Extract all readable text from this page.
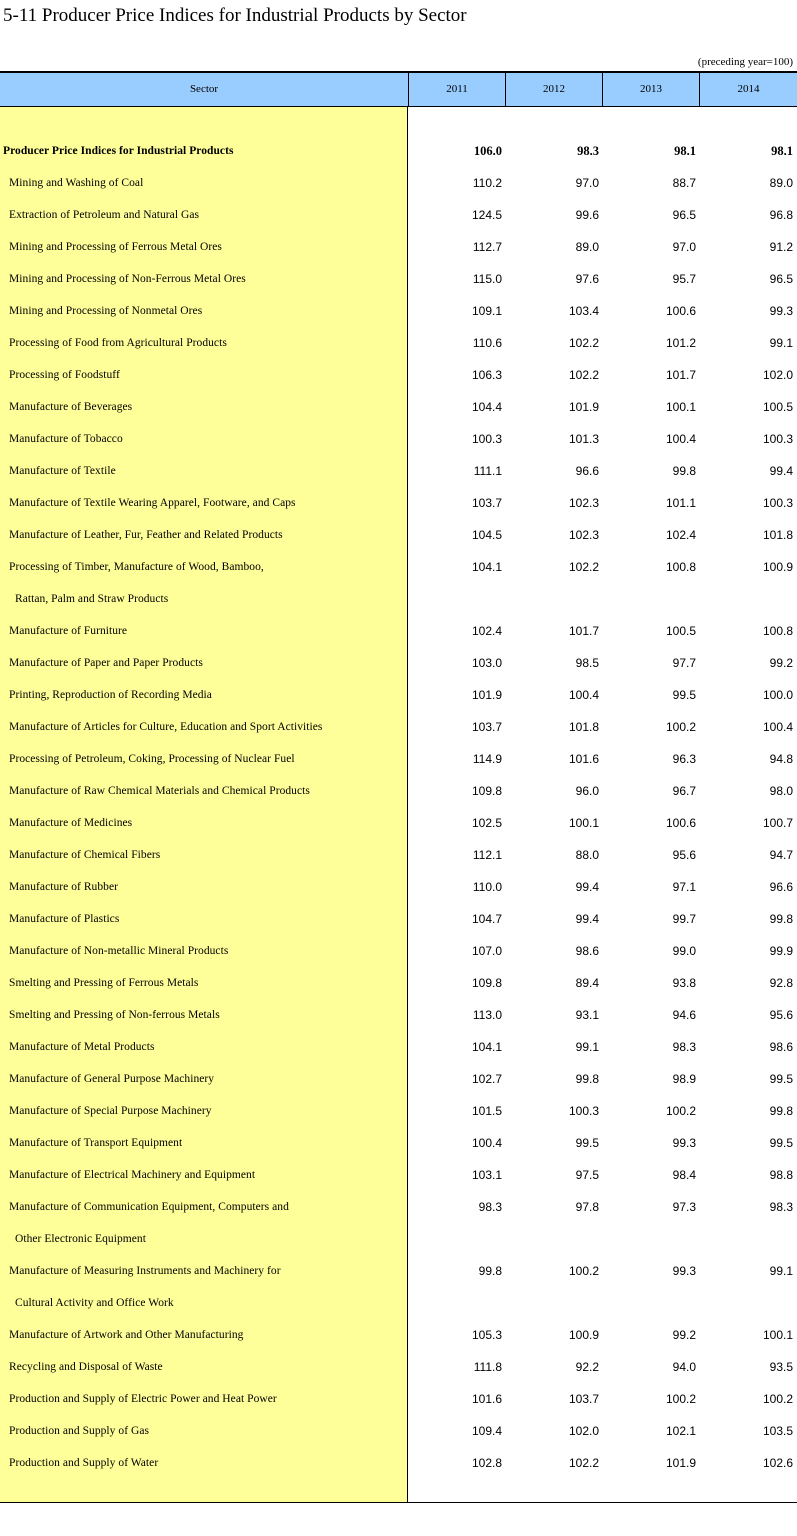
5-11 Producer Price Indices for Industrial Products by Sector
(preceding year=100)
Sector	2011	2012	2013	2014
Producer Price Indices for Industrial Products	106.0	98.3	98.1	98.1
Mining and Washing of Coal	110.2	97.0	88.7	89.0
Extraction of Petroleum and Natural Gas	124.5	99.6	96.5	96.8
Mining and Processing of Ferrous Metal Ores	112.7	89.0	97.0	91.2
Mining and Processing of Non-Ferrous Metal Ores	115.0	97.6	95.7	96.5
Mining and Processing of Nonmetal Ores	109.1	103.4	100.6	99.3
Processing of Food from Agricultural Products	110.6	102.2	101.2	99.1
Processing of Foodstuff	106.3	102.2	101.7	102.0
Manufacture of Beverages	104.4	101.9	100.1	100.5
Manufacture of Tobacco	100.3	101.3	100.4	100.3
Manufacture of Textile	111.1	96.6	99.8	99.4
Manufacture of Textile Wearing Apparel, Footware, and Caps	103.7	102.3	101.1	100.3
Manufacture of Leather, Fur, Feather and Related Products	104.5	102.3	102.4	101.8
Processing of Timber, Manufacture of Wood, Bamboo,

Rattan, Palm and Straw Products
104.1	102.2	100.8	100.9
Manufacture of Furniture	102.4	101.7	100.5	100.8
Manufacture of Paper and Paper Products	103.0	98.5	97.7	99.2
Printing, Reproduction of Recording Media	101.9	100.4	99.5	100.0
Manufacture of Articles for Culture, Education and Sport Activities	103.7	101.8	100.2	100.4
Processing of Petroleum, Coking, Processing of Nuclear Fuel	114.9	101.6	96.3	94.8
Manufacture of Raw Chemical Materials and Chemical Products	109.8	96.0	96.7	98.0
Manufacture of Medicines	102.5	100.1	100.6	100.7
Manufacture of Chemical Fibers	112.1	88.0	95.6	94.7
Manufacture of Rubber	110.0	99.4	97.1	96.6
Manufacture of Plastics	104.7	99.4	99.7	99.8
Manufacture of Non-metallic Mineral Products	107.0	98.6	99.0	99.9
Smelting and Pressing of Ferrous Metals	109.8	89.4	93.8	92.8
Smelting and Pressing of Non-ferrous Metals	113.0	93.1	94.6	95.6
Manufacture of Metal Products	104.1	99.1	98.3	98.6
Manufacture of General Purpose Machinery	102.7	99.8	98.9	99.5
Manufacture of Special Purpose Machinery	101.5	100.3	100.2	99.8
Manufacture of Transport Equipment	100.4	99.5	99.3	99.5
Manufacture of Electrical Machinery and Equipment	103.1	97.5	98.4	98.8
Manufacture of Communication Equipment, Computers and

Other Electronic Equipment
98.3	97.8	97.3	98.3
Manufacture of Measuring Instruments and Machinery for

Cultural Activity and Office Work
99.8	100.2	99.3	99.1
Manufacture of Artwork and Other Manufacturing	105.3	100.9	99.2	100.1
Recycling and Disposal of Waste	111.8	92.2	94.0	93.5
Production and Supply of Electric Power and Heat Power	101.6	103.7	100.2	100.2
Production and Supply of Gas	109.4	102.0	102.1	103.5
Production and Supply of Water	102.8	102.2	101.9	102.6
